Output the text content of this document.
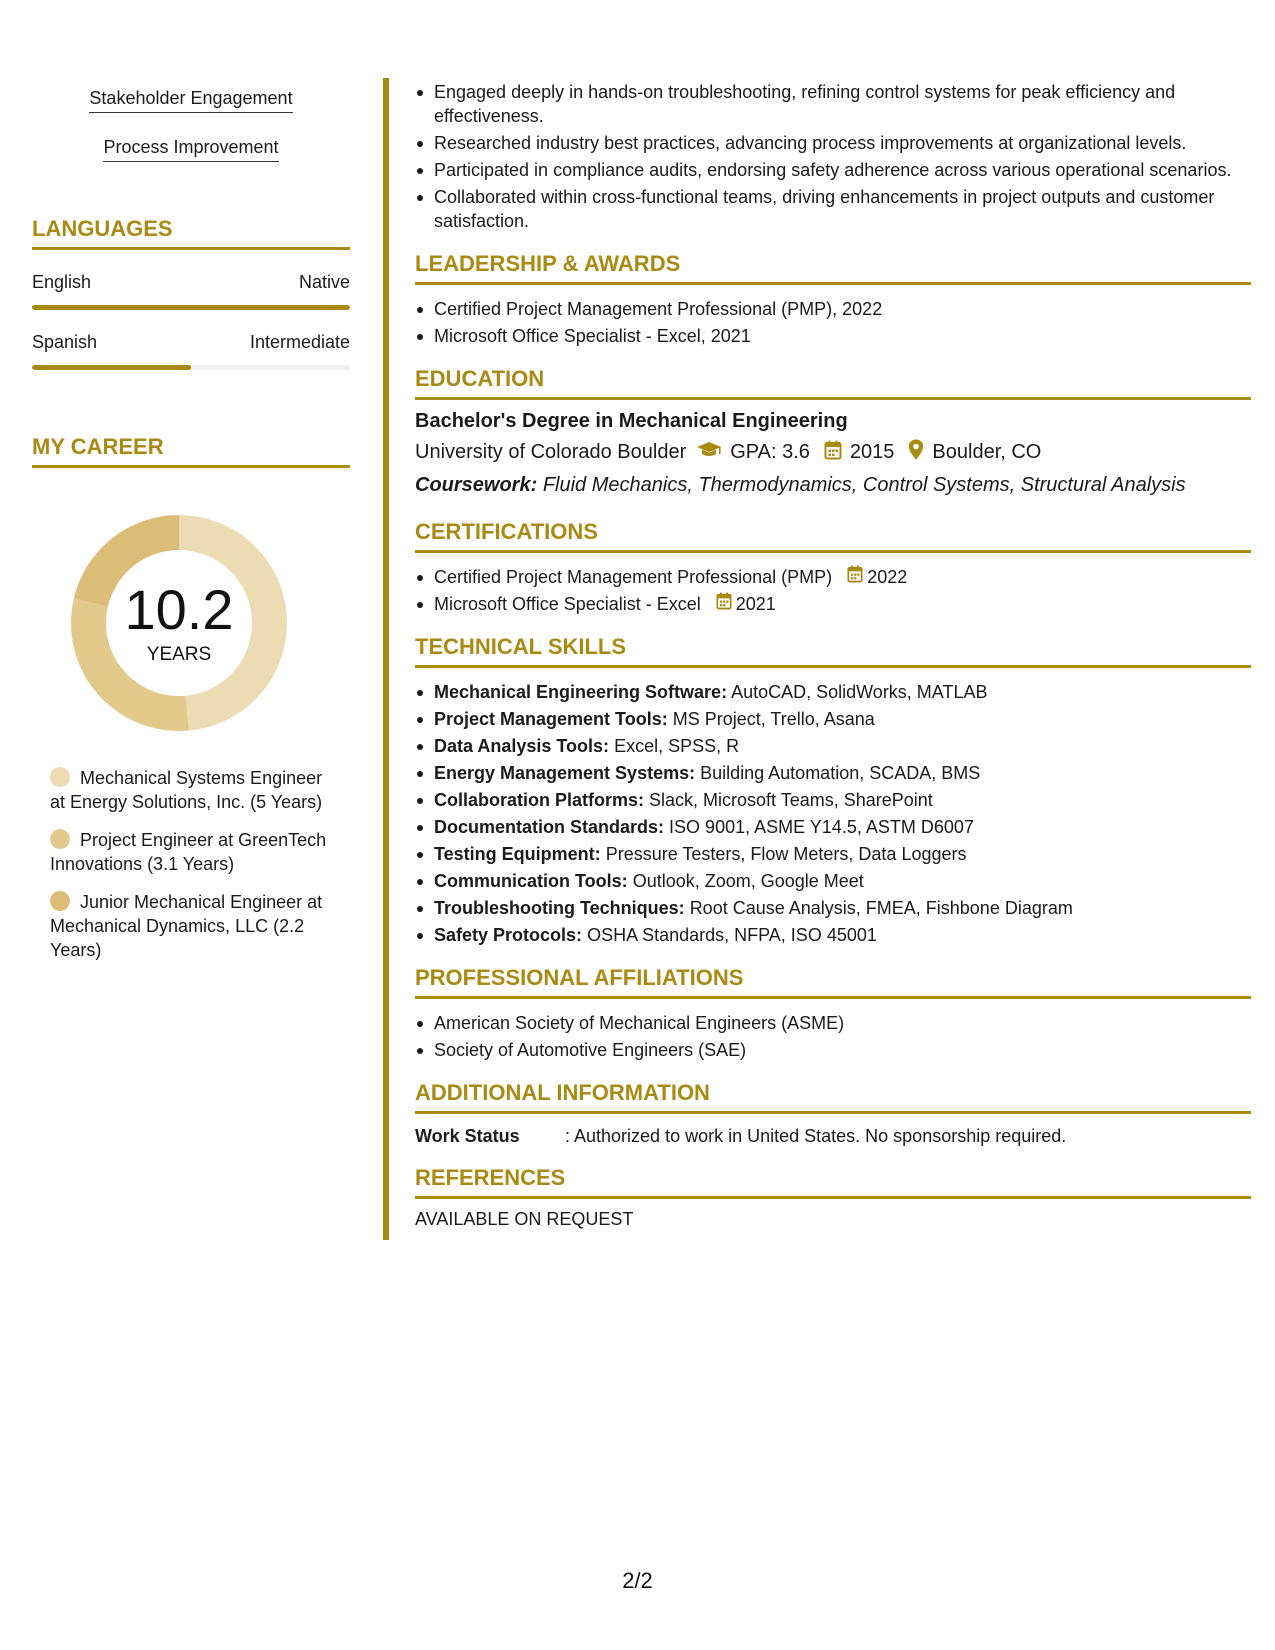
Stakeholder Engagement
Process Improvement
LANGUAGES
English	Native
Spanish	Intermediate
MY CAREER
10.2
YEARS
Mechanical Systems Engineer at Energy Solutions, Inc. (5 Years)
Project Engineer at GreenTech Innovations (3.1 Years)
Junior Mechanical Engineer at Mechanical Dynamics, LLC (2.2 Years)
Engaged deeply in hands-on troubleshooting, refining control systems for peak efficiency and effectiveness.
Researched industry best practices, advancing process improvements at organizational levels.
Participated in compliance audits, endorsing safety adherence across various operational scenarios.
Collaborated within cross-functional teams, driving enhancements in project outputs and customer satisfaction.
LEADERSHIP & AWARDS
Certified Project Management Professional (PMP), 2022
Microsoft Office Specialist - Excel, 2021
EDUCATION
Bachelor's Degree in Mechanical Engineering
University of Colorado Boulder GPA: 3.6 2015 Boulder, CO
Coursework: Fluid Mechanics, Thermodynamics, Control Systems, Structural Analysis
CERTIFICATIONS
Certified Project Management Professional (PMP) 2022
Microsoft Office Specialist - Excel 2021
TECHNICAL SKILLS
Mechanical Engineering Software: AutoCAD, SolidWorks, MATLAB
Project Management Tools: MS Project, Trello, Asana
Data Analysis Tools: Excel, SPSS, R
Energy Management Systems: Building Automation, SCADA, BMS
Collaboration Platforms: Slack, Microsoft Teams, SharePoint
Documentation Standards: ISO 9001, ASME Y14.5, ASTM D6007
Testing Equipment: Pressure Testers, Flow Meters, Data Loggers
Communication Tools: Outlook, Zoom, Google Meet
Troubleshooting Techniques: Root Cause Analysis, FMEA, Fishbone Diagram
Safety Protocols: OSHA Standards, NFPA, ISO 45001
PROFESSIONAL AFFILIATIONS
American Society of Mechanical Engineers (ASME)
Society of Automotive Engineers (SAE)
ADDITIONAL INFORMATION
Work Status	: Authorized to work in United States. No sponsorship required.
REFERENCES
AVAILABLE ON REQUEST
2/2
